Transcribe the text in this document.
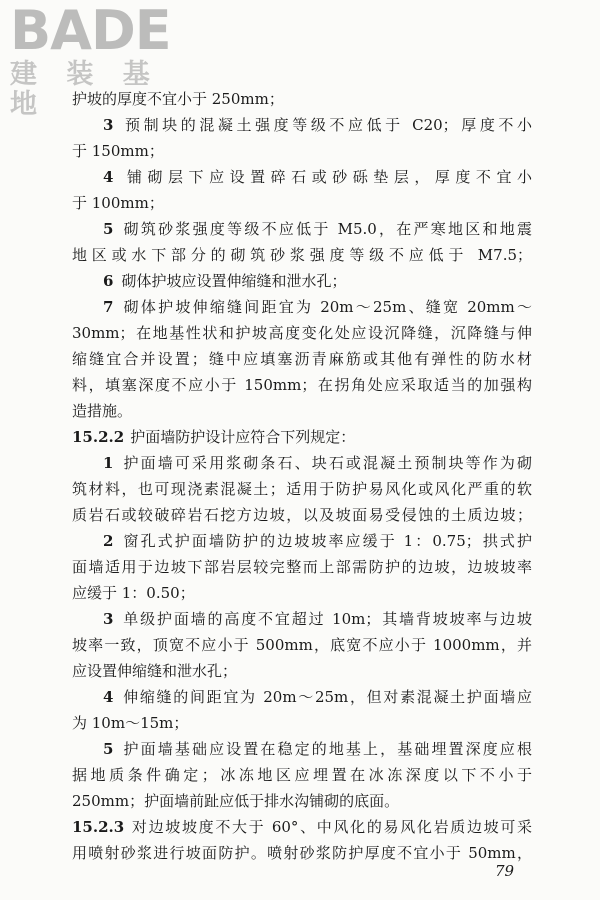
BADE
建 装 基 地	护坡的厚度不宜小于 250mm；
3 预制块的混凝土强度等级不应低于 C20；厚度不小
于 150mm；
4 铺砌层下应设置碎石或砂砾垫层，厚度不宜小
于 100mm；
5 砌筑砂浆强度等级不应低于 M5.0，在严寒地区和地震
地区或水下部分的砌筑砂浆强度等级不应低于 M7.5；
6 砌体护坡应设置伸缩缝和泄水孔；
7 砌体护坡伸缩缝间距宜为 20m～25m、缝宽 20mm～
30mm；在地基性状和护坡高度变化处应设沉降缝，沉降缝与伸
缩缝宜合并设置；缝中应填塞沥青麻筋或其他有弹性的防水材
料，填塞深度不应小于 150mm；在拐角处应采取适当的加强构
造措施。
15.2.2 护面墙防护设计应符合下列规定：
1 护面墙可采用浆砌条石、块石或混凝土预制块等作为砌
筑材料，也可现浇素混凝土；适用于防护易风化或风化严重的软
质岩石或较破碎岩石挖方边坡，以及坡面易受侵蚀的土质边坡；
2 窗孔式护面墙防护的边坡坡率应缓于 1：0.75；拱式护
面墙适用于边坡下部岩层较完整而上部需防护的边坡，边坡坡率
应缓于 1：0.50；
3 单级护面墙的高度不宜超过 10m；其墙背坡坡率与边坡
坡率一致，顶宽不应小于 500mm，底宽不应小于 1000mm，并
应设置伸缩缝和泄水孔；
4 伸缩缝的间距宜为 20m～25m，但对素混凝土护面墙应
为 10m～15m；
5 护面墙基础应设置在稳定的地基上，基础埋置深度应根
据地质条件确定；冰冻地区应埋置在冰冻深度以下不小于
250mm；护面墙前趾应低于排水沟铺砌的底面。
15.2.3 对边坡坡度不大于 60°、中风化的易风化岩质边坡可采
用喷射砂浆进行坡面防护。喷射砂浆防护厚度不宜小于 50mm，
79
